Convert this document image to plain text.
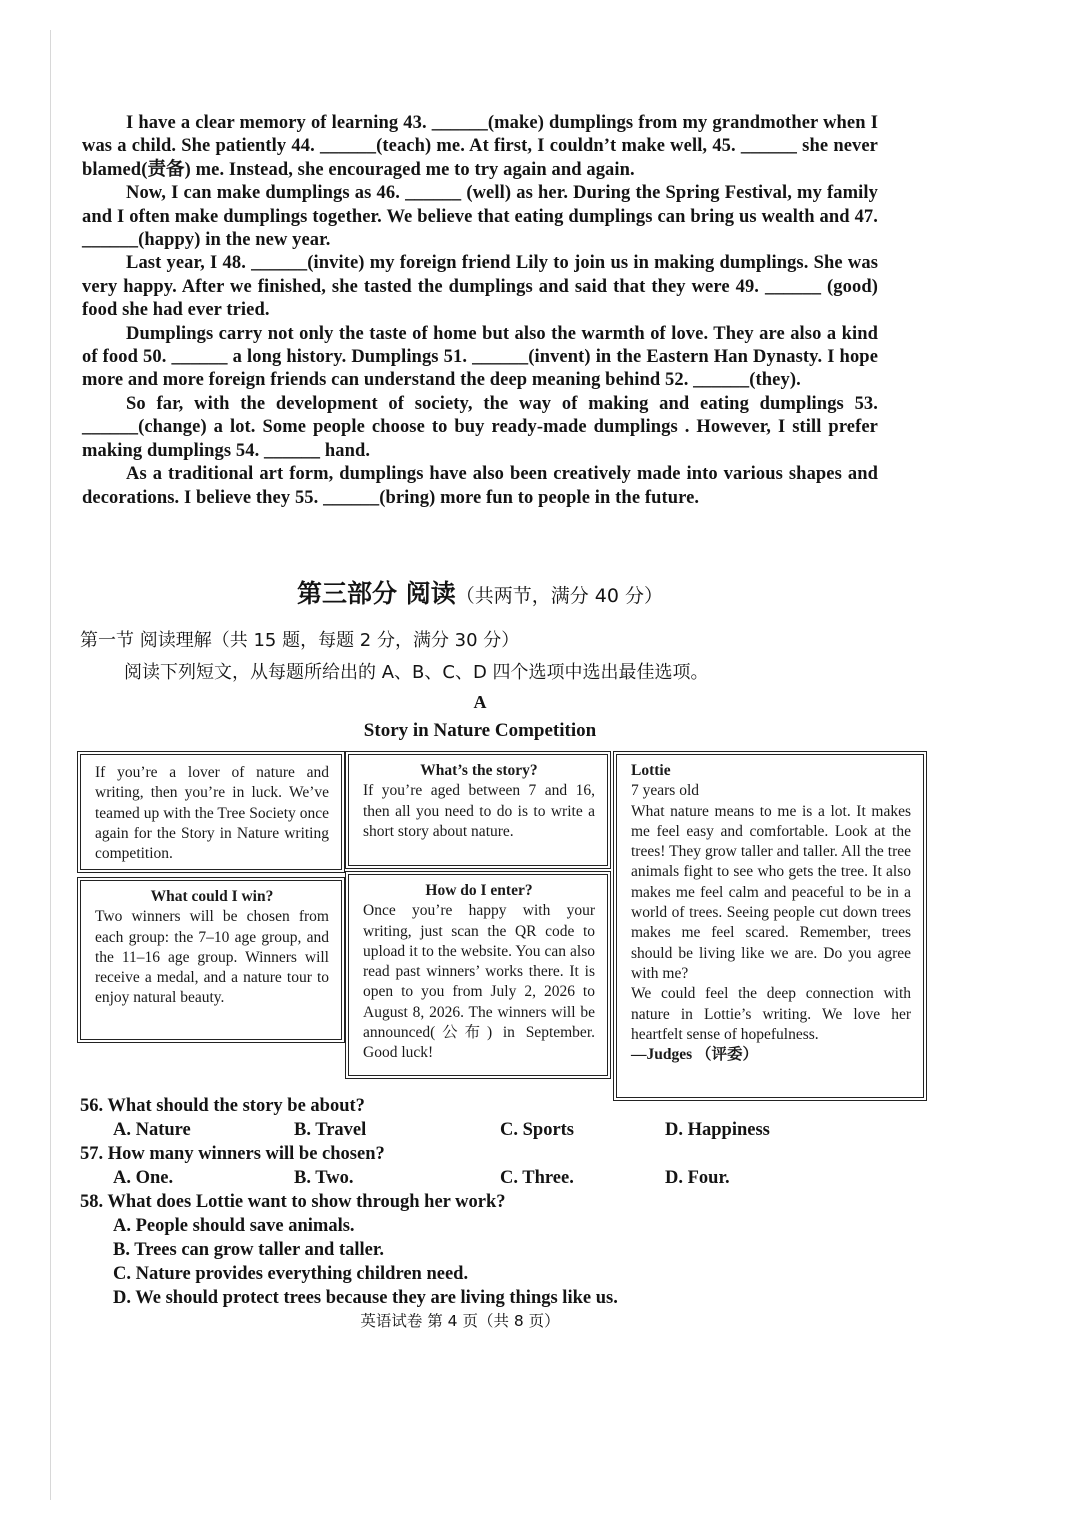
I have a clear memory of learning 43. ______(make) dumplings from my grandmother when I was a child. She patiently 44. ______(teach) me. At first, I couldn’t make well, 45. ______ she never blamed(责备) me. Instead, she encouraged me to try again and again.

Now, I can make dumplings as 46. ______ (well) as her. During the Spring Festival, my family and I often make dumplings together. We believe that eating dumplings can bring us wealth and 47. ______(happy) in the new year.

Last year, I 48. ______(invite) my foreign friend Lily to join us in making dumplings. She was very happy. After we finished, she tasted the dumplings and said that they were 49. ______ (good) food she had ever tried.

Dumplings carry not only the taste of home but also the warmth of love. They are also a kind of food 50. ______ a long history. Dumplings 51. ______(invent) in the Eastern Han Dynasty. I hope more and more foreign friends can understand the deep meaning behind 52. ______(they).

So far, with the development of society, the way of making and eating dumplings 53. ______(change) a lot. Some people choose to buy ready-made dumplings . However, I still prefer making dumplings 54. ______ hand.

As a traditional art form, dumplings have also been creatively made into various shapes and decorations. I believe they 55. ______(bring) more fun to people in the future.

第三部分 阅读（共两节，满分 40 分）
第一节 阅读理解（共 15 题，每题 2 分，满分 30 分）
阅读下列短文，从每题所给出的 A、B、C、D 四个选项中选出最佳选项。
A
Story in Nature Competition
If you’re a lover of nature and writing, then you’re in luck. We’ve teamed up with the Tree Society once again for the Story in Nature writing competition.
What could I win?
Two winners will be chosen from each group: the 7–10 age group, and the 11–16 age group. Winners will receive a medal, and a nature tour to enjoy natural beauty.
What’s the story?
If you’re aged between 7 and 16, then all you need to do is to write a short story about nature.
How do I enter?
Once you’re happy with your writing, just scan the QR code to upload it to the website. You can also read past winners’ works there. It is open to you from July 2, 2026 to August 8, 2026. The winners will be announced(公布) in September. Good luck!
Lottie
7 years old
What nature means to me is a lot. It makes me feel easy and comfortable. Look at the trees! They grow taller and taller. All the tree animals fight to see who gets the tree. It also makes me feel calm and peaceful to be in a world of trees. Seeing people cut down trees makes me feel scared. Remember, trees should be living like we are. Do you agree with me?
We could feel the deep connection with nature in Lottie’s writing. We love her heartfelt sense of hopefulness.
—Judges （评委）
56. What should the story be about?
A. Nature	B. Travel	C. Sports	D. Happiness
57. How many winners will be chosen?
A. One.	B. Two.	C. Three.	D. Four.
58. What does Lottie want to show through her work?
A. People should save animals.
B. Trees can grow taller and taller.
C. Nature provides everything children need.
D. We should protect trees because they are living things like us.
英语试卷 第 4 页（共 8 页）
